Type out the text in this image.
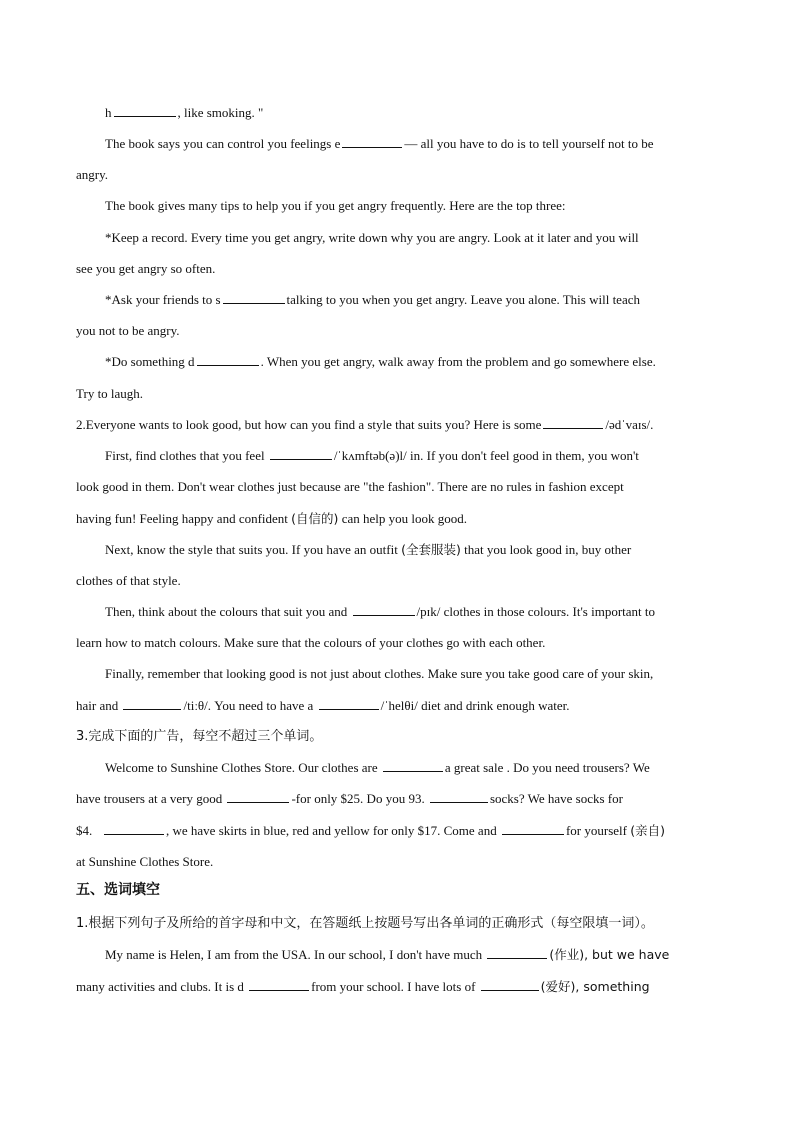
h	, like smoking. "
The book says you can control you feelings e	— all you have to do is to tell yourself not to be
angry.
The book gives many tips to help you if you get angry frequently. Here are the top three:
*Keep a record. Every time you get angry, write down why you are angry. Look at it later and you will
see you get angry so often.
*Ask your friends to s	talking to you when you get angry. Leave you alone. This will teach
you not to be angry.
*Do something d	. When you get angry, walk away from the problem and go somewhere else.
Try to laugh.
2.Everyone wants to look good, but how can you find a style that suits you? Here is some	/ədˈvaɪs/.
First, find clothes that you feel	/ˈkʌmftəb(ə)l/ in. If you don't feel good in them, you won't
look good in them. Don't wear clothes just because are "the fashion". There are no rules in fashion except
having fun! Feeling happy and confident (自信的) can help you look good.
Next, know the style that suits you. If you have an outfit (全套服装) that you look good in, buy other
clothes of that style.
Then, think about the colours that suit you and	/pɪk/ clothes in those colours. It's important to
learn how to match colours. Make sure that the colours of your clothes go with each other.
Finally, remember that looking good is not just about clothes. Make sure you take good care of your skin,
hair and	/tiːθ/. You need to have a	/ˈhelθi/ diet and drink enough water.
3.完成下面的广告，每空不超过三个单词。
Welcome to Sunshine Clothes Store. Our clothes are	a great sale . Do you need trousers? We
have trousers at a very good	-for only $25. Do you 93.	socks? We have socks for
$4.	, we have skirts in blue, red and yellow for only $17. Come and	for yourself (亲自)
at Sunshine Clothes Store.
五、选词填空
1.根据下列句子及所给的首字母和中文，在答题纸上按题号写出各单词的正确形式（每空限填一词）。
My name is Helen, I am from the USA. In our school, I don't have much	(作业), but we have
many activities and clubs. It is d	from your school. I have lots of	(爱好), something
